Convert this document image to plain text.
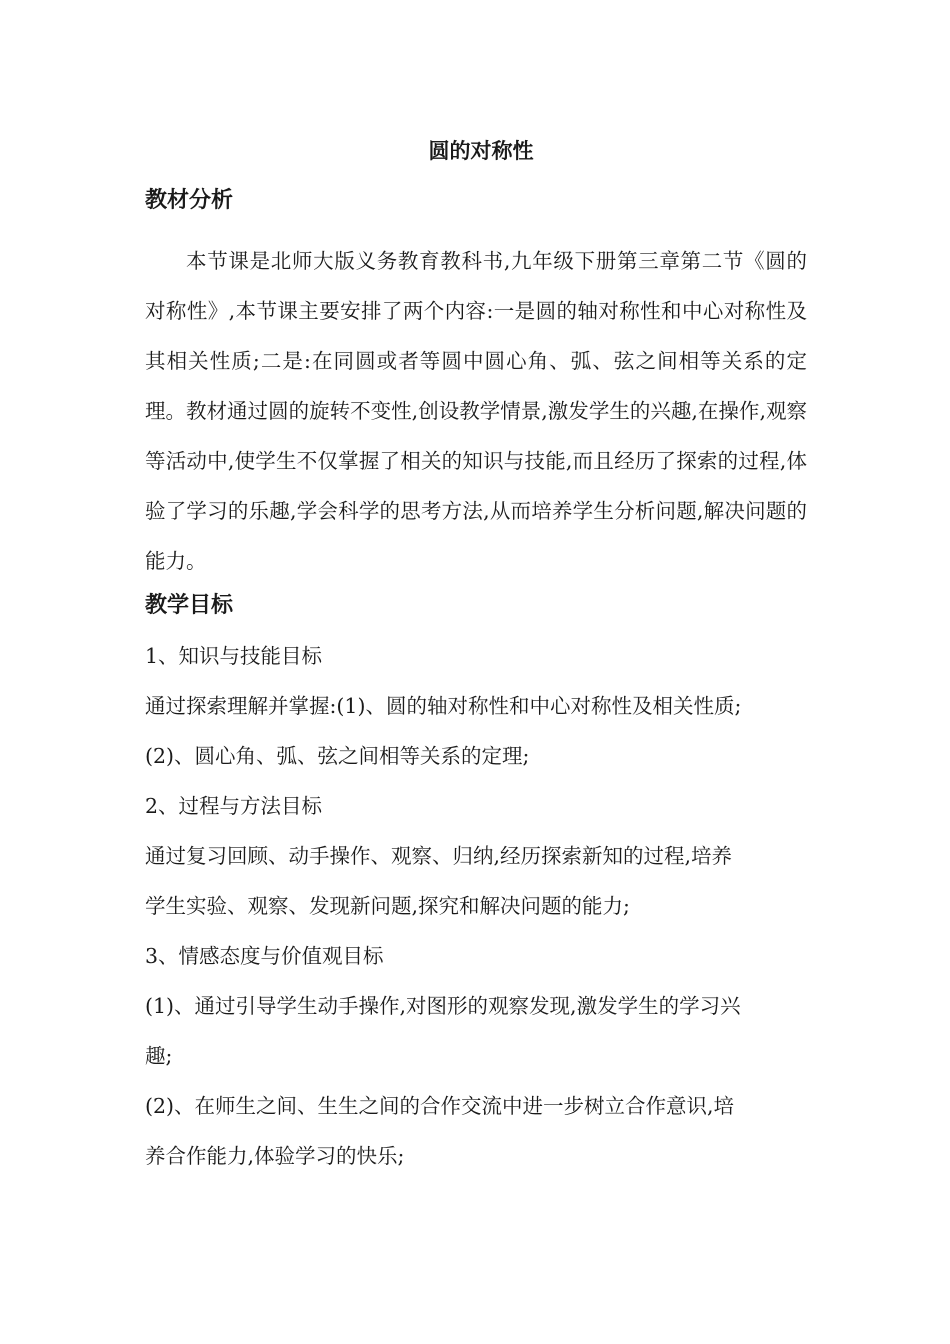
圆的对称性
教材分析

本节课是北师大版义务教育教科书,九年级下册第三章第二节《圆的对称性》,本节课主要安排了两个内容:一是圆的轴对称性和中心对称性及其相关性质;二是:在同圆或者等圆中圆心角、弧、弦之间相等关系的定理。教材通过圆的旋转不变性,创设教学情景,激发学生的兴趣,在操作,观察等活动中,使学生不仅掌握了相关的知识与技能,而且经历了探索的过程,体验了学习的乐趣,学会科学的思考方法,从而培养学生分析问题,解决问题的能力。

教学目标

1、知识与技能目标

通过探索理解并掌握:(1)、圆的轴对称性和中心对称性及相关性质;

(2)、圆心角、弧、弦之间相等关系的定理;

2、过程与方法目标

通过复习回顾、动手操作、观察、归纳,经历探索新知的过程,培养

学生实验、观察、发现新问题,探究和解决问题的能力;

3、情感态度与价值观目标

(1)、通过引导学生动手操作,对图形的观察发现,激发学生的学习兴

趣;

(2)、在师生之间、生生之间的合作交流中进一步树立合作意识,培

养合作能力,体验学习的快乐;
